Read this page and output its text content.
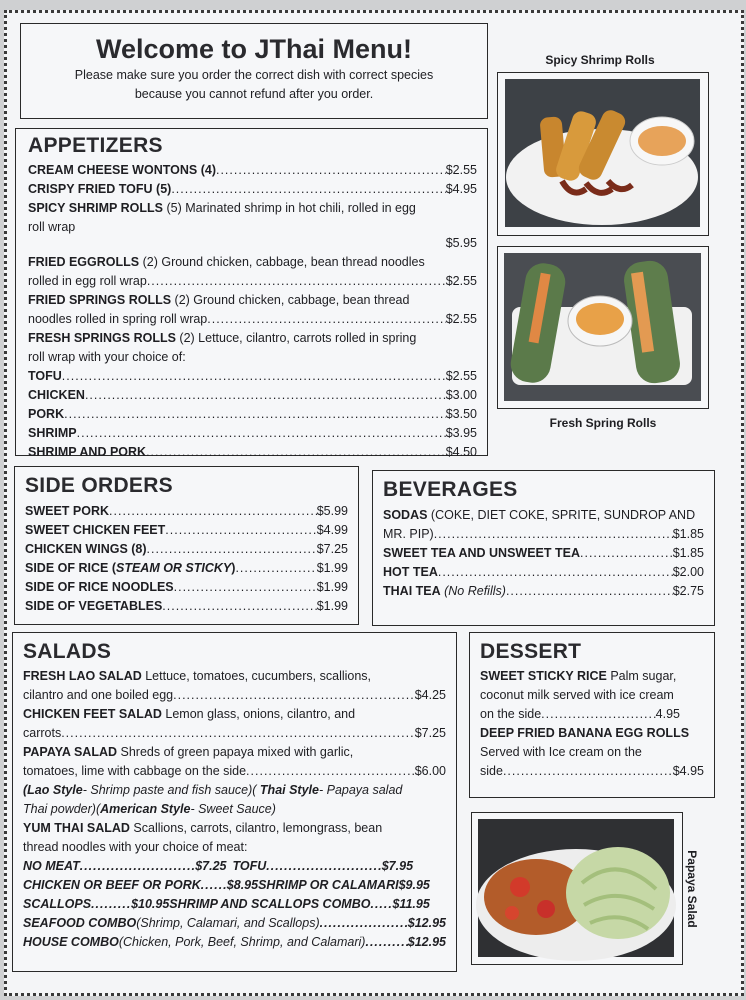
Welcome to JThai Menu!

Please make sure you order the correct dish with correct species

because you cannot refund after you order.

Spicy Shrimp Rolls
Fresh Spring Rolls
APPETIZERS
CREAM CHEESE WONTONS (4) .....	$2.55
CRISPY FRIED TOFU (5) .....	$4.95
SPICY SHRIMP ROLLS (5) Marinated shrimp in hot chili, rolled in egg
roll wrap
$5.95
FRIED EGGROLLS (2) Ground chicken, cabbage, bean thread noodles
rolled in egg roll wrap .....	$2.55
FRIED SPRINGS ROLLS (2) Ground chicken, cabbage, bean thread
noodles rolled in spring roll wrap .....	$2.55
FRESH SPRINGS ROLLS (2) Lettuce, cilantro, carrots rolled in spring
roll wrap with your choice of:
TOFU .....	$2.55
CHICKEN .....	$3.00
PORK .....	$3.50
SHRIMP .....	$3.95
SHRIMP AND PORK .....	$4.50
SIDE ORDERS
SWEET PORK .....	$5.99
SWEET CHICKEN FEET .....	$4.99
CHICKEN WINGS (8) .....	$7.25
SIDE OF RICE (STEAM OR STICKY) .....	$1.99
SIDE OF RICE NOODLES .....	$1.99
SIDE OF VEGETABLES .....	$1.99
BEVERAGES
SODAS (COKE, DIET COKE, SPRITE, SUNDROP AND
MR. PIP) .....	$1.85
SWEET TEA AND UNSWEET TEA .....	$1.85
HOT TEA .....	$2.00
THAI TEA (No Refills) .....	$2.75
SALADS
FRESH LAO SALAD Lettuce, tomatoes, cucumbers, scallions,
cilantro and one boiled egg .....	$4.25
CHICKEN FEET SALAD Lemon glass, onions, cilantro, and
carrots .....	$7.25
PAPAYA SALAD Shreds of green papaya mixed with garlic,
tomatoes, lime with cabbage on the side .....	$6.00
(Lao Style- Shrimp paste and fish sauce)( Thai Style- Papaya salad
Thai powder)(American Style- Sweet Sauce)
YUM THAI SALAD Scallions, carrots, cilantro, lemongrass, bean
thread noodles with your choice of meat:
NO MEAT .....	$7.25 TOFU .....	$7.95
CHICKEN OR BEEF OR PORK ..... $8.95 SHRIMP OR CALAMARI $9.95
SCALLOPS .....	$10.95 SHRIMP AND SCALLOPS COMBO ..... $11.95
SEAFOOD COMBO (Shrimp, Calamari, and Scallops) .....	$12.95
HOUSE COMBO (Chicken, Pork, Beef, Shrimp, and Calamari) .....	$12.95
DESSERT
SWEET STICKY RICE Palm sugar,
coconut milk served with ice cream
on the side .....	4.95
DEEP FRIED BANANA EGG ROLLS
Served with Ice cream on the
side .....	$4.95
Papaya Salad
